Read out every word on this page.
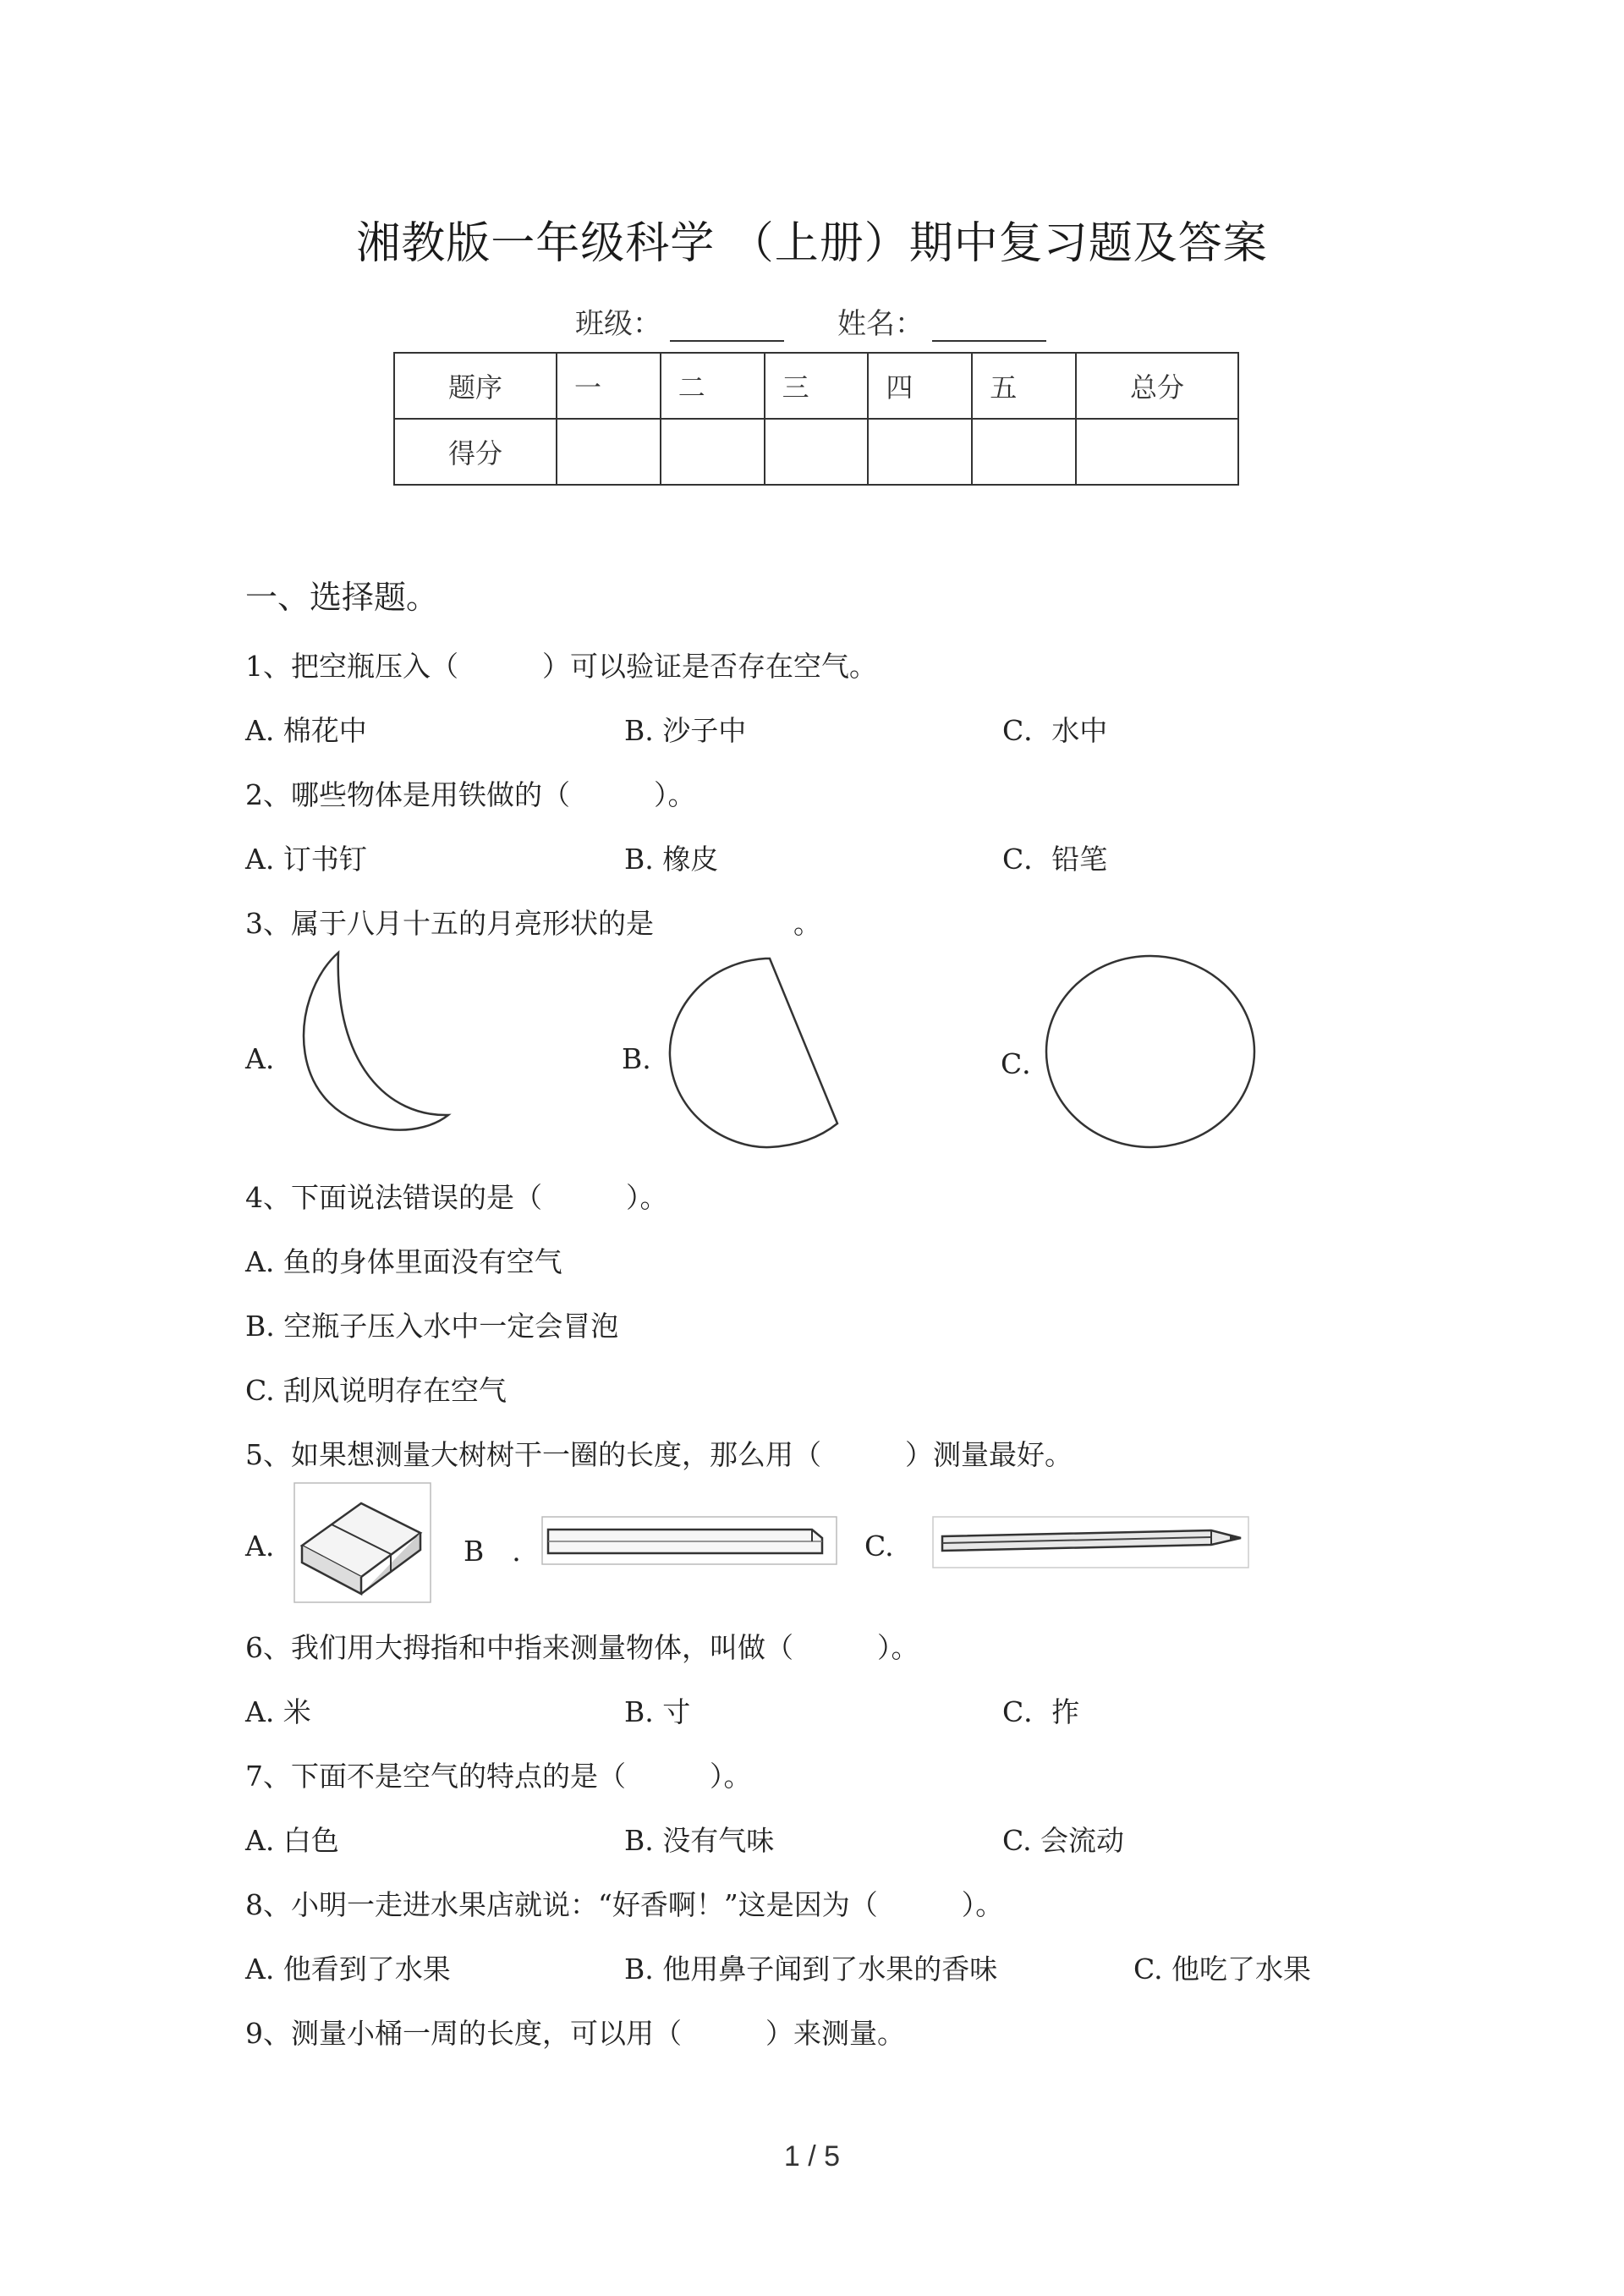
湘教版一年级科学 （上册）期中复习题及答案
班级：	姓名：
题序	一	二	三	四	五	总分
得分						
一、选择题。
1、把空瓶压入（　　　）可以验证是否存在空气。
A. 棉花中	B. 沙子中	C．水中
2、哪些物体是用铁做的（　　　）。
A. 订书钉	B. 橡皮	C．铅笔
3、属于八月十五的月亮形状的是　　　　　。
A.	B.	C．
4、下面说法错误的是（　　　）。
A. 鱼的身体里面没有空气
B. 空瓶子压入水中一定会冒泡
C. 刮风说明存在空气
5、如果想测量大树树干一圈的长度，那么用（　　　）测量最好。
A.	B　.	C.
6、我们用大拇指和中指来测量物体，叫做（　　　）。
A. 米	B. 寸	C．拃
7、下面不是空气的特点的是（　　　）。
A. 白色	B. 没有气味	C. 会流动
8、小明一走进水果店就说：“好香啊！”这是因为（　　　）。
A. 他看到了水果	B. 他用鼻子闻到了水果的香味	C. 他吃了水果
9、测量小桶一周的长度，可以用（　　　）来测量。
1 / 5
